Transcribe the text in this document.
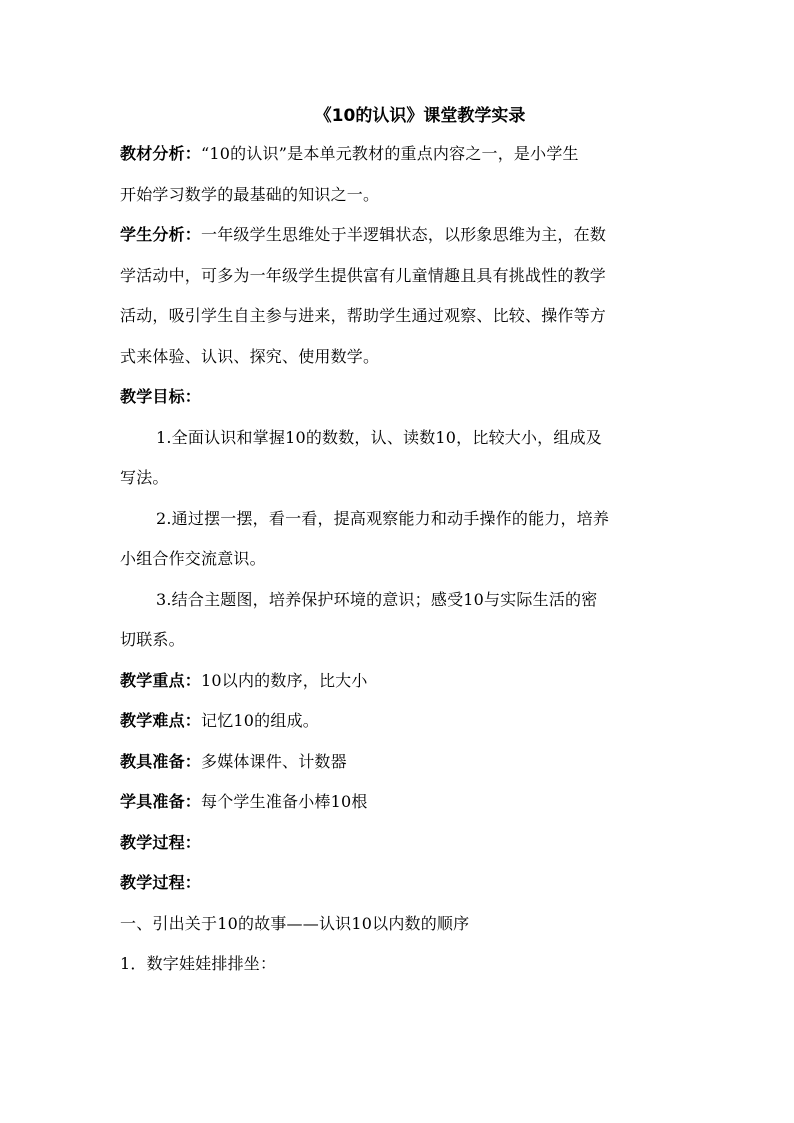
《10的认识》课堂教学实录

教材分析：“10的认识”是本单元教材的重点内容之一，是小学生

开始学习数学的最基础的知识之一。

学生分析：一年级学生思维处于半逻辑状态，以形象思维为主，在数

学活动中，可多为一年级学生提供富有儿童情趣且具有挑战性的教学

活动，吸引学生自主参与进来，帮助学生通过观察、比较、操作等方

式来体验、认识、探究、使用数学。

教学目标：

1.全面认识和掌握10的数数，认、读数10，比较大小，组成及

写法。

2.通过摆一摆，看一看，提高观察能力和动手操作的能力，培养

小组合作交流意识。

3.结合主题图，培养保护环境的意识；感受10与实际生活的密

切联系。

教学重点：10以内的数序，比大小

教学难点：记忆10的组成。

教具准备：多媒体课件、计数器

学具准备：每个学生准备小棒10根

教学过程：

教学过程：

一、引出关于10的故事——认识10以内数的顺序

1．数字娃娃排排坐：
